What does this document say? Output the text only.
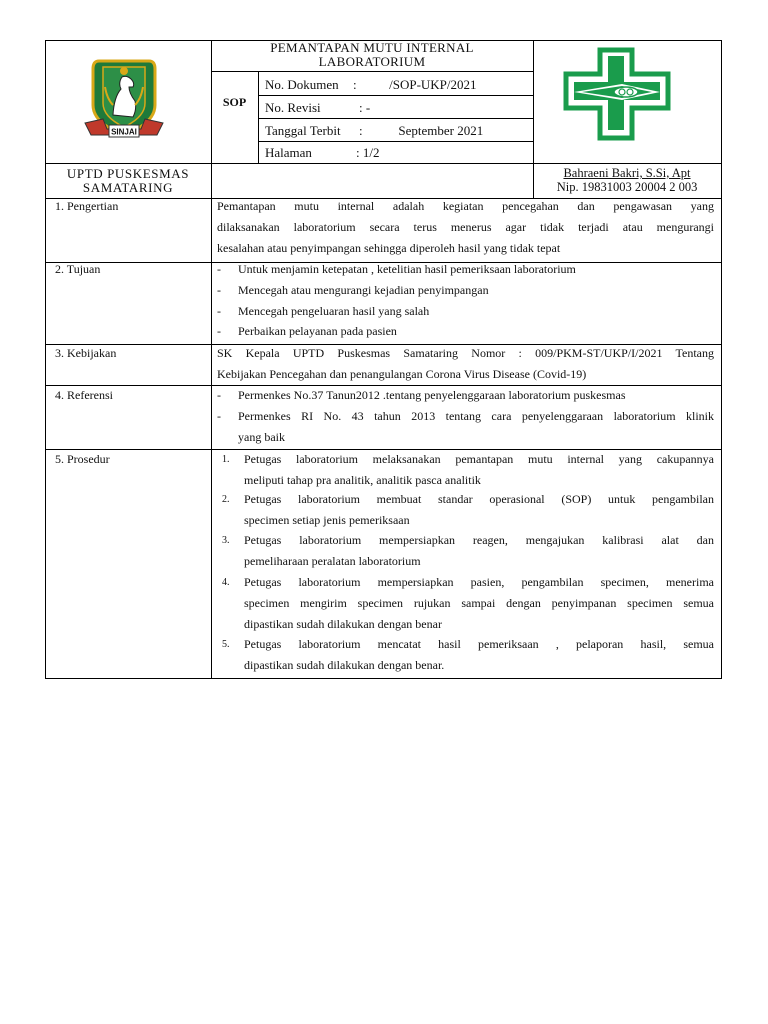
SINJAI
PEMANTAPAN MUTU INTERNAL
LABORATORIUM
SOP
No. Dokumen :          /SOP-UKP/2021
No. Revisi	: -
Tanggal Terbit :           September 2021
Halaman	: 1/2
UPTD PUSKESMAS
SAMATARING
Bahraeni Bakri, S.Si, Apt
Nip. 19831003 20004 2 003
1. Pengertian	Pemantapan mutu internal adalah kegiatan pencegahan dan pengawasan yang
dilaksanakan laboratorium secara terus menerus agar tidak terjadi atau mengurangi
kesalahan atau penyimpangan sehingga diperoleh hasil yang tidak tepat
2. Tujuan	- Untuk menjamin ketepatan , ketelitian hasil pemeriksaan laboratorium
- Mencegah atau mengurangi kejadian penyimpangan
- Mencegah pengeluaran hasil yang salah
- Perbaikan pelayanan pada pasien
3. Kebijakan	SK Kepala UPTD Puskesmas Samataring Nomor : 009/PKM-ST/UKP/I/2021 Tentang
Kebijakan Pencegahan dan penangulangan Corona Virus Disease (Covid-19)
4. Referensi	- Permenkes No.37 Tanun2012 .tentang penyelenggaraan laboratorium puskesmas
- Permenkes RI No. 43 tahun 2013 tentang cara penyelenggaraan laboratorium klinik
yang baik
5. Prosedur	1. Petugas laboratorium melaksanakan pemantapan mutu internal yang cakupannya
meliputi tahap pra analitik, analitik pasca analitik
2. Petugas laboratorium membuat standar operasional (SOP) untuk pengambilan
specimen setiap jenis pemeriksaan
3. Petugas laboratorium mempersiapkan reagen, mengajukan kalibrasi alat dan
pemeliharaan peralatan laboratorium
4. Petugas laboratorium mempersiapkan pasien, pengambilan specimen, menerima
specimen mengirim specimen rujukan sampai dengan penyimpanan specimen semua
dipastikan sudah dilakukan dengan benar
5. Petugas laboratorium mencatat hasil pemeriksaan , pelaporan hasil, semua
dipastikan sudah dilakukan dengan benar.
